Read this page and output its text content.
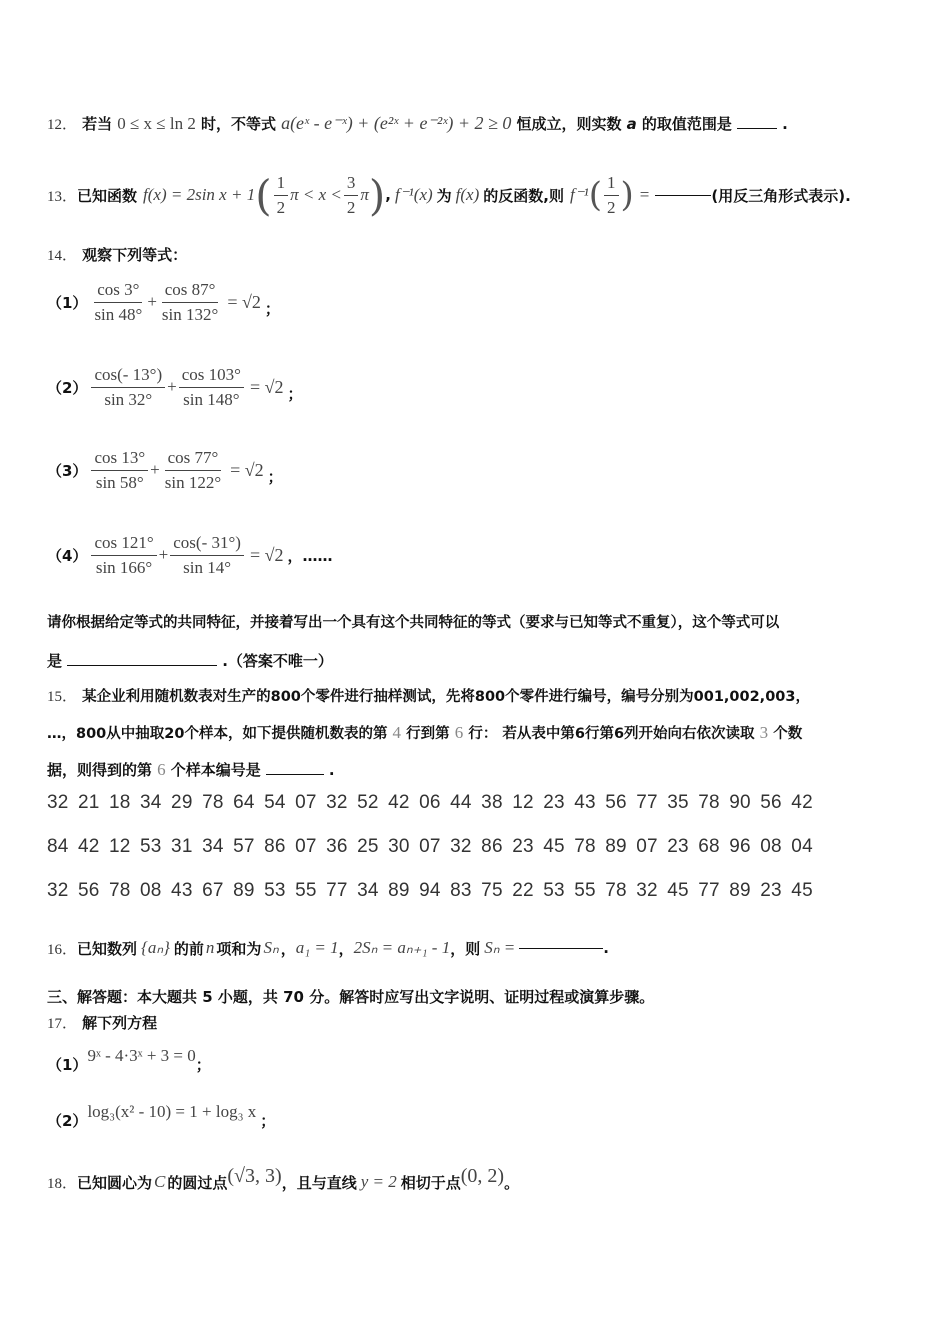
12． 若当 0 ≤ x ≤ ln 2 时，不等式 a(eˣ - e⁻ˣ) + (e²ˣ + e⁻²ˣ) + 2 ≥ 0 恒成立，则实数 a 的取值范围是	.
13． 已知函数 f(x) = 2sin x + 1 ( $\frac{1}{2}$ $\pi < x < \frac{3}{2}$ π ) , f⁻¹(x) 为 f(x) 的反函数,则 f⁻¹ ( $\frac{1}{2}$ ) =	(用反三角形式表示).
14． 观察下列等式：
$(1) \frac{\cos 3^\circ}{\sin 48^\circ} + \frac{\cos 87^\circ}{\sin 132^\circ} = √2$ ；
$(2) \frac{\cos(- 13^\circ)}{\sin 32^\circ} + \frac{\cos 103^\circ}{\sin 148^\circ} = √2$ ；
$(3) \frac{\cos 13^\circ}{\sin 58^\circ} + \frac{\cos 77^\circ}{\sin 122^\circ} = √2$ ；
$(4) \frac{\cos 121^\circ}{\sin 166^\circ} + \frac{\cos(- 31^\circ)}{\sin 14^\circ} = √2$ ，……
请你根据给定等式的共同特征，并接着写出一个具有这个共同特征的等式（要求与已知等式不重复），这个等式可以
是	.（答案不唯一）
15． 某企业利用随机数表对生产的800个零件进行抽样测试，先将800个零件进行编号，编号分别为001,002,003，
…，800从中抽取20个样本，如下提供随机数表的第 4 行到第 6 行： 若从表中第6行第6列开始向右依次读取 3 个数
据，则得到的第 6 个样本编号是	.
32 21 18 34 29 78 64 54 07 32 52 42 06 44 38 12 23 43 56 77 35 78 90 56 42
84 42 12 53 31 34 57 86 07 36 25 30 07 32 86 23 45 78 89 07 23 68 96 08 04
32 56 78 08 43 67 89 53 55 77 34 89 94 83 75 22 53 55 78 32 45 77 89 23 45
16． 已知数列 {aₙ} 的前 n 项和为 Sₙ ， a₁ = 1 ， 2Sₙ = aₙ₊₁ - 1 ，则 Sₙ =	.
三、解答题：本大题共 5 小题，共 70 分。解答时应写出文字说明、证明过程或演算步骤。
17． 解下列方程
（1） 9ˣ - 4·3ˣ + 3 = 0 ；
（2） log₃(x² - 10) = 1 + log₃ x ；
18． 已知圆心为 C 的圆过点 (√3, 3) ，且与直线 y = 2 相切于点 (0, 2) 。
